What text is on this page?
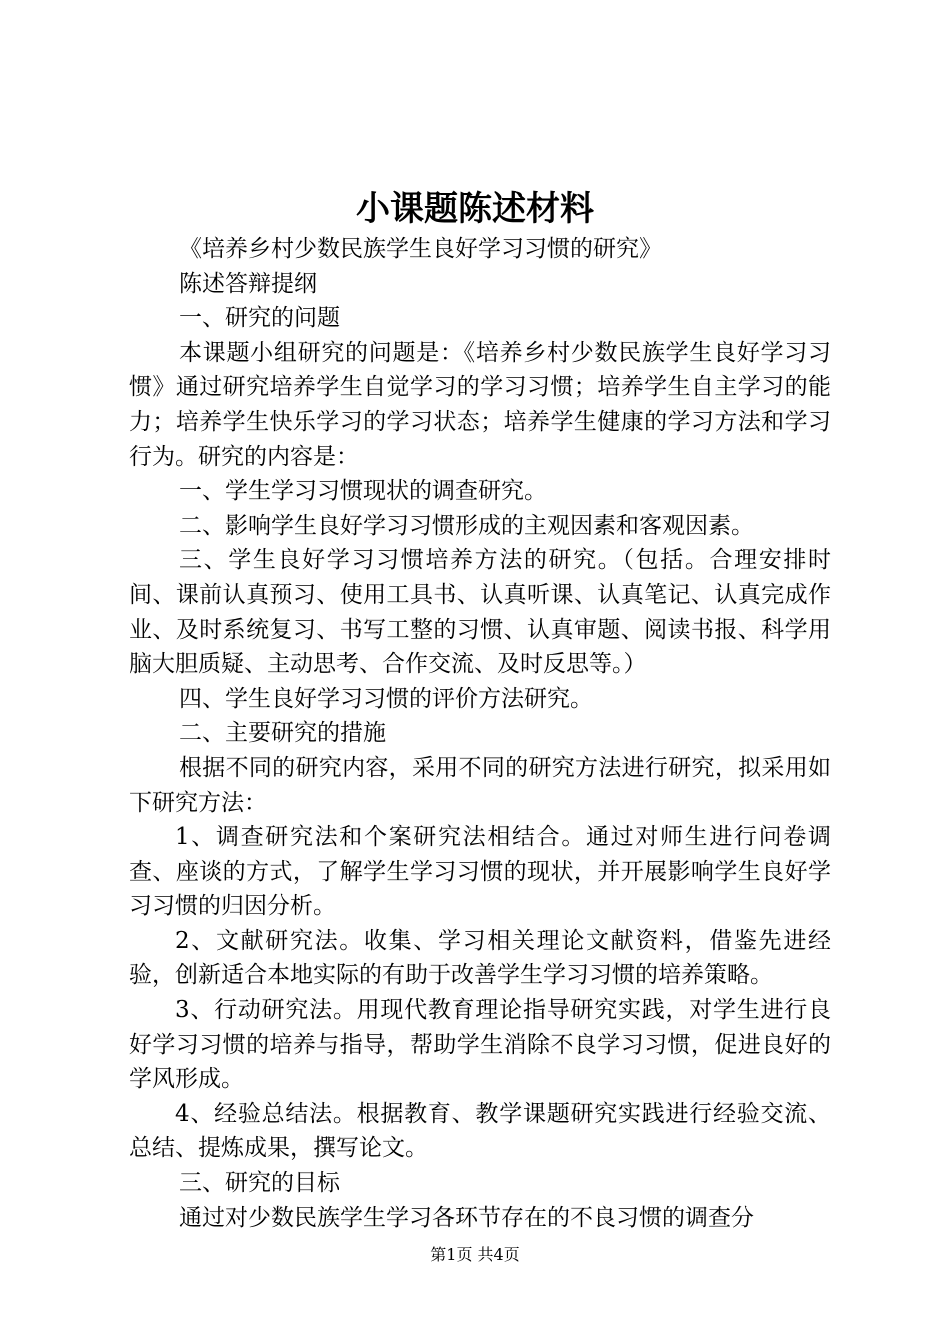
小课题陈述材料

《培养乡村少数民族学生良好学习习惯的研究》

陈述答辩提纲

一、研究的问题

本课题小组研究的问题是：《培养乡村少数民族学生良好学习习惯》通过研究培养学生自觉学习的学习习惯；培养学生自主学习的能力；培养学生快乐学习的学习状态；培养学生健康的学习方法和学习行为。研究的内容是：

一、学生学习习惯现状的调查研究。

二、影响学生良好学习习惯形成的主观因素和客观因素。

三、学生良好学习习惯培养方法的研究。（包括。合理安排时间、课前认真预习、使用工具书、认真听课、认真笔记、认真完成作业、及时系统复习、书写工整的习惯、认真审题、阅读书报、科学用脑大胆质疑、主动思考、合作交流、及时反思等。）

四、学生良好学习习惯的评价方法研究。

二、主要研究的措施

根据不同的研究内容，采用不同的研究方法进行研究，拟采用如下研究方法：

1、调查研究法和个案研究法相结合。通过对师生进行问卷调查、座谈的方式，了解学生学习习惯的现状，并开展影响学生良好学习习惯的归因分析。

2、文献研究法。收集、学习相关理论文献资料，借鉴先进经验，创新适合本地实际的有助于改善学生学习习惯的培养策略。

3、行动研究法。用现代教育理论指导研究实践，对学生进行良好学习习惯的培养与指导，帮助学生消除不良学习习惯，促进良好的学风形成。

4、经验总结法。根据教育、教学课题研究实践进行经验交流、总结、提炼成果，撰写论文。

三、研究的目标

通过对少数民族学生学习各环节存在的不良习惯的调查分

第1页 共4页
